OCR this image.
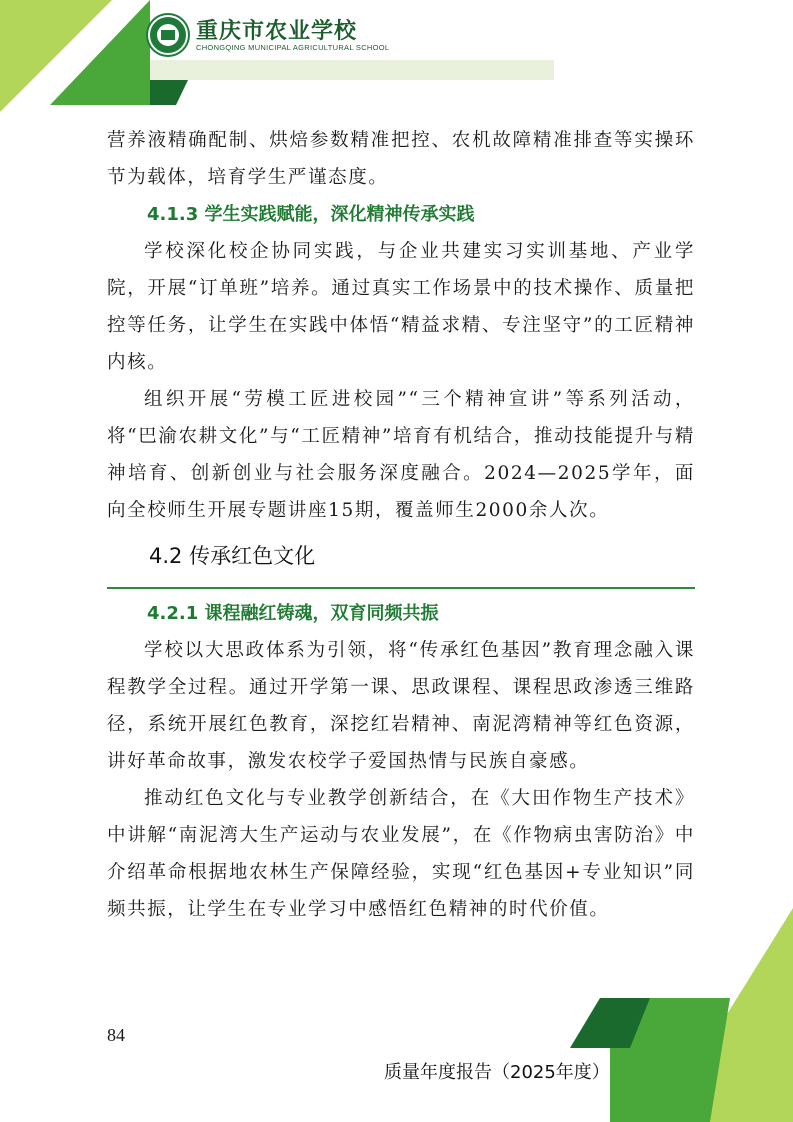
重庆市农业学校
CHONGQING MUNICIPAL AGRICULTURAL SCHOOL

营养液精确配制、烘焙参数精准把控、农机故障精准排查等实操环节为载体，培育学生严谨态度。

4.1.3 学生实践赋能，深化精神传承实践

学校深化校企协同实践，与企业共建实习实训基地、产业学院，开展“订单班”培养。通过真实工作场景中的技术操作、质量把控等任务，让学生在实践中体悟“精益求精、专注坚守”的工匠精神内核。

组织开展“劳模工匠进校园”“三个精神宣讲”等系列活动，将“巴渝农耕文化”与“工匠精神”培育有机结合，推动技能提升与精神培育、创新创业与社会服务深度融合。2024—2025学年，面向全校师生开展专题讲座15期，覆盖师生2000余人次。

4.2 传承红色文化

4.2.1 课程融红铸魂，双育同频共振

学校以大思政体系为引领，将“传承红色基因”教育理念融入课程教学全过程。通过开学第一课、思政课程、课程思政渗透三维路径，系统开展红色教育，深挖红岩精神、南泥湾精神等红色资源，讲好革命故事，激发农校学子爱国热情与民族自豪感。

推动红色文化与专业教学创新结合，在《大田作物生产技术》中讲解“南泥湾大生产运动与农业发展”，在《作物病虫害防治》中介绍革命根据地农林生产保障经验，实现“红色基因+专业知识”同频共振，让学生在专业学习中感悟红色精神的时代价值。

84
质量年度报告（2025年度）
